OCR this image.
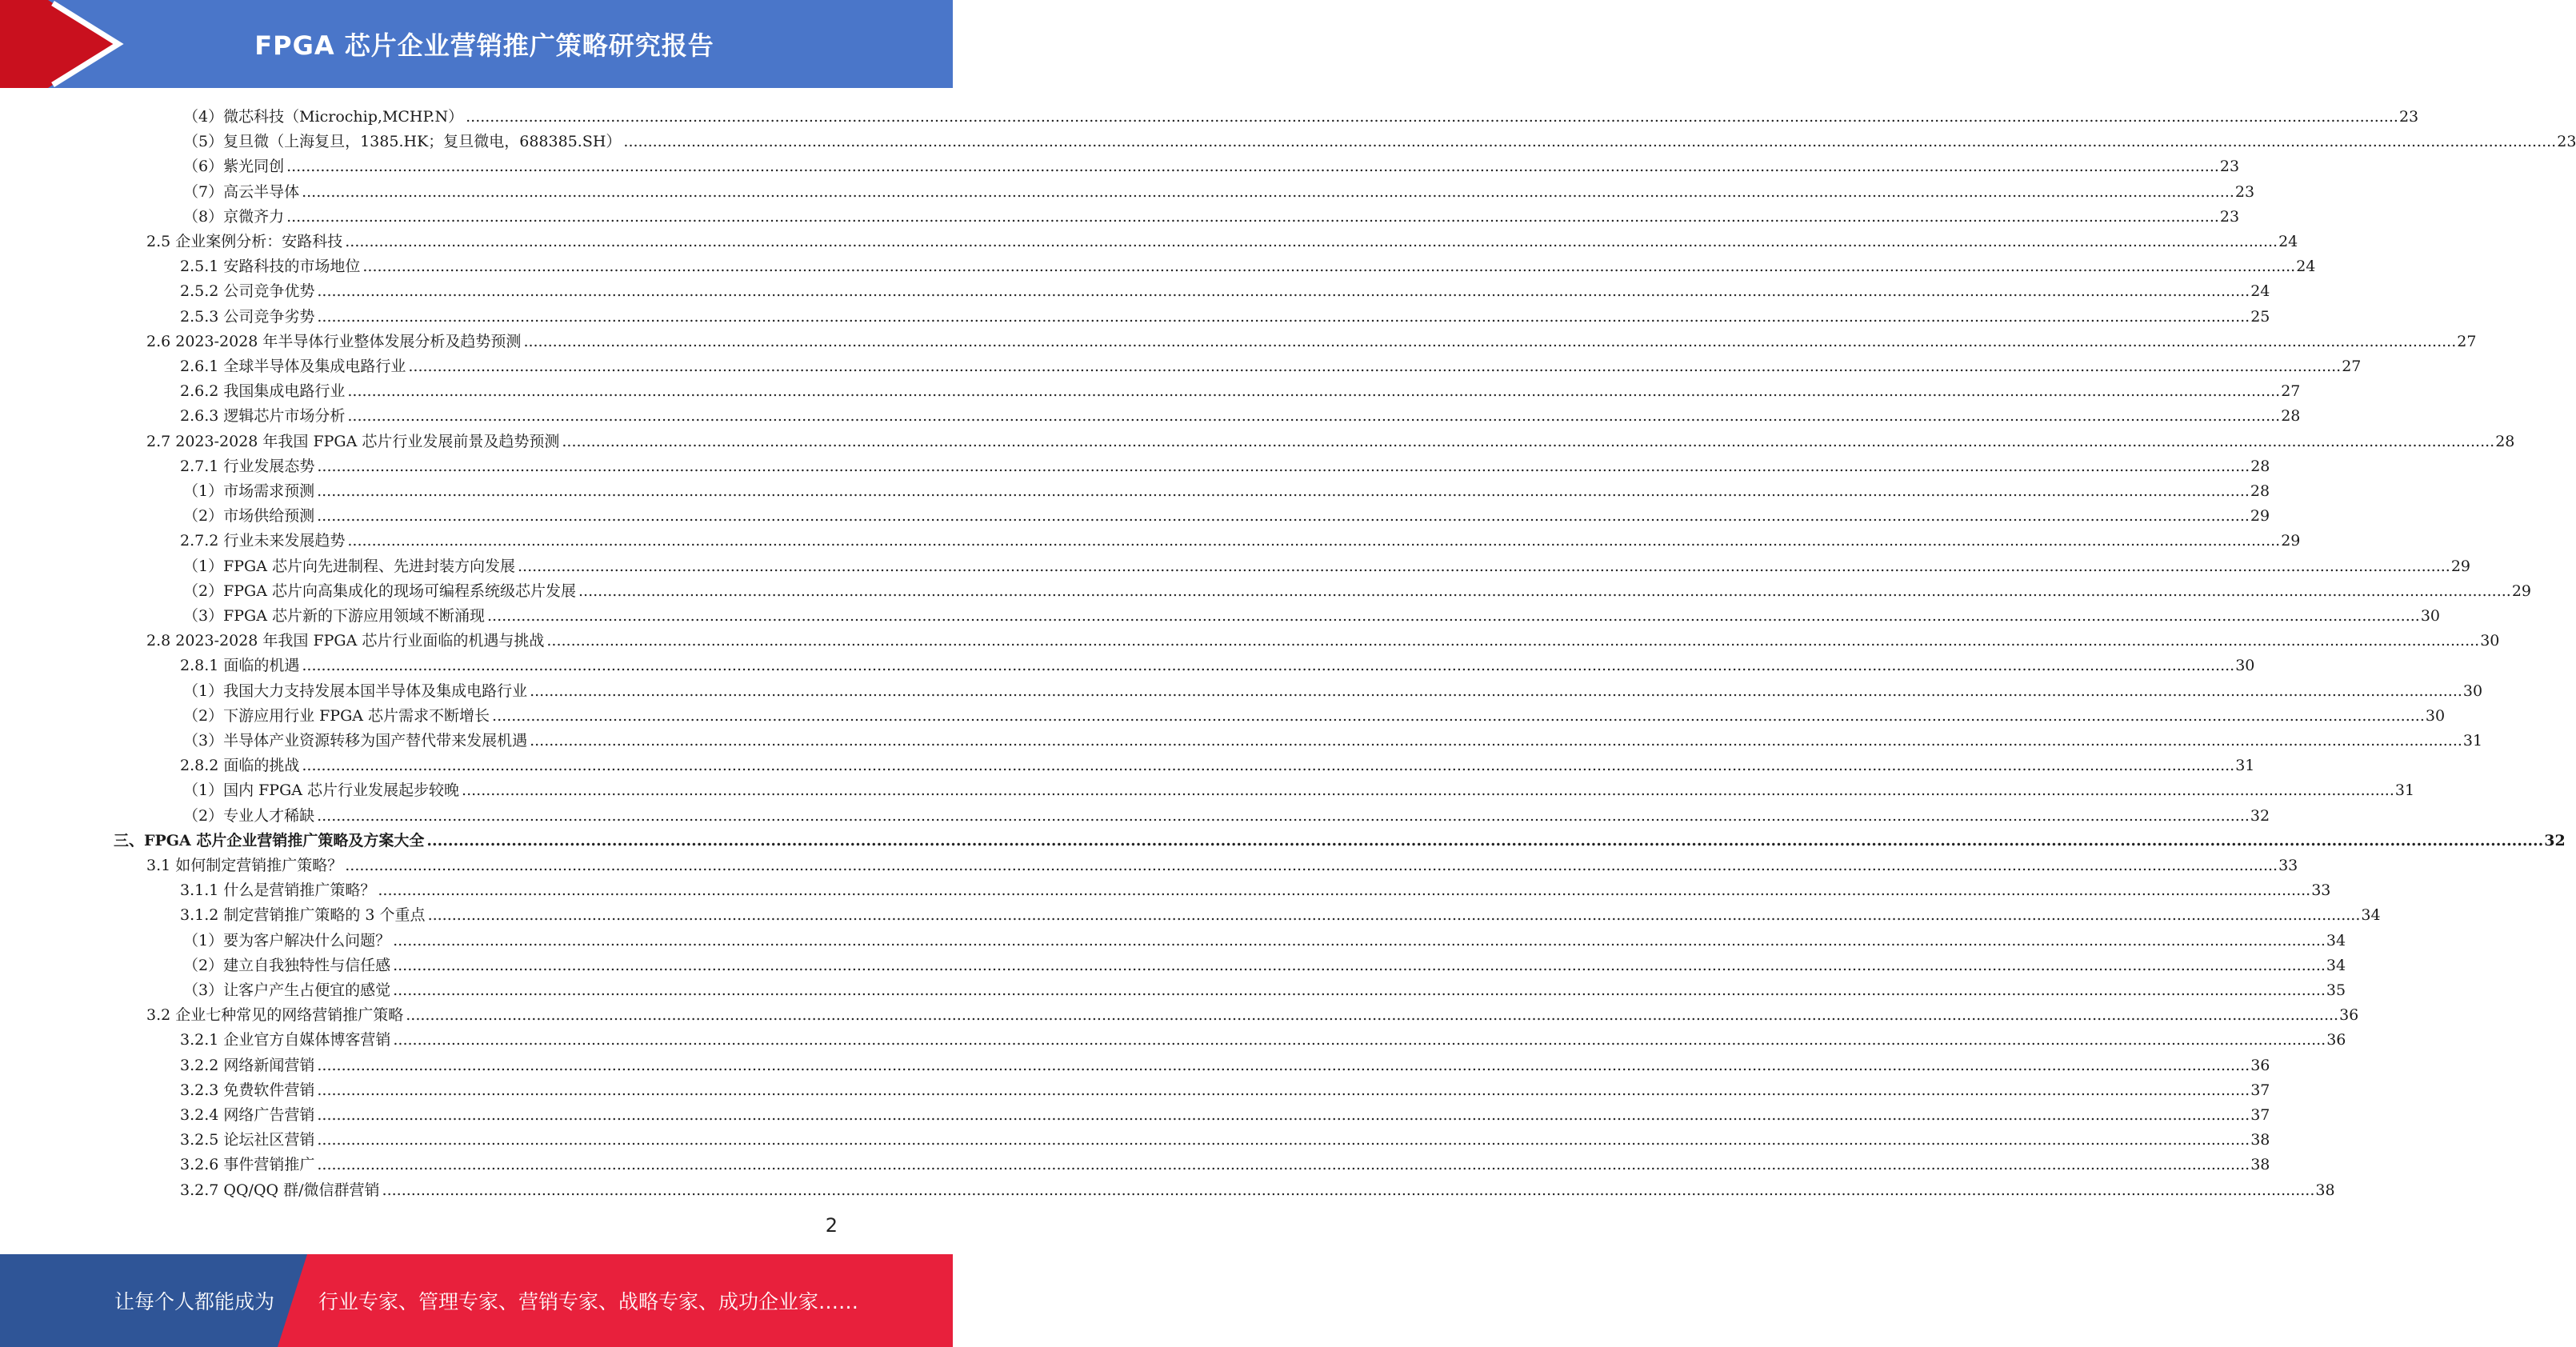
FPGA 芯片企业营销推广策略研究报告
（4）微芯科技（Microchip,MCHP.N） ................................................................................................................................................................................................................................................................................................................................................................................................................ 23
（5）复旦微（上海复旦，1385.HK；复旦微电，688385.SH） ................................................................................................................................................................................................................................................................................................................................................................................................................ 23
（6）紫光同创 ................................................................................................................................................................................................................................................................................................................................................................................................................ 23
（7）高云半导体 ................................................................................................................................................................................................................................................................................................................................................................................................................ 23
（8）京微齐力 ................................................................................................................................................................................................................................................................................................................................................................................................................ 23
2.5 企业案例分析：安路科技 ................................................................................................................................................................................................................................................................................................................................................................................................................ 24
2.5.1 安路科技的市场地位 ................................................................................................................................................................................................................................................................................................................................................................................................................ 24
2.5.2 公司竞争优势 ................................................................................................................................................................................................................................................................................................................................................................................................................ 24
2.5.3 公司竞争劣势 ................................................................................................................................................................................................................................................................................................................................................................................................................ 25
2.6 2023-2028 年半导体行业整体发展分析及趋势预测 ................................................................................................................................................................................................................................................................................................................................................................................................................ 27
2.6.1 全球半导体及集成电路行业 ................................................................................................................................................................................................................................................................................................................................................................................................................ 27
2.6.2 我国集成电路行业 ................................................................................................................................................................................................................................................................................................................................................................................................................ 27
2.6.3 逻辑芯片市场分析 ................................................................................................................................................................................................................................................................................................................................................................................................................ 28
2.7 2023-2028 年我国 FPGA 芯片行业发展前景及趋势预测 ................................................................................................................................................................................................................................................................................................................................................................................................................ 28
2.7.1 行业发展态势 ................................................................................................................................................................................................................................................................................................................................................................................................................ 28
（1）市场需求预测 ................................................................................................................................................................................................................................................................................................................................................................................................................ 28
（2）市场供给预测 ................................................................................................................................................................................................................................................................................................................................................................................................................ 29
2.7.2 行业未来发展趋势 ................................................................................................................................................................................................................................................................................................................................................................................................................ 29
（1）FPGA 芯片向先进制程、先进封装方向发展 ................................................................................................................................................................................................................................................................................................................................................................................................................ 29
（2）FPGA 芯片向高集成化的现场可编程系统级芯片发展 ................................................................................................................................................................................................................................................................................................................................................................................................................ 29
（3）FPGA 芯片新的下游应用领域不断涌现 ................................................................................................................................................................................................................................................................................................................................................................................................................ 30
2.8 2023-2028 年我国 FPGA 芯片行业面临的机遇与挑战 ................................................................................................................................................................................................................................................................................................................................................................................................................ 30
2.8.1 面临的机遇 ................................................................................................................................................................................................................................................................................................................................................................................................................ 30
（1）我国大力支持发展本国半导体及集成电路行业 ................................................................................................................................................................................................................................................................................................................................................................................................................ 30
（2）下游应用行业 FPGA 芯片需求不断增长 ................................................................................................................................................................................................................................................................................................................................................................................................................ 30
（3）半导体产业资源转移为国产替代带来发展机遇 ................................................................................................................................................................................................................................................................................................................................................................................................................ 31
2.8.2 面临的挑战 ................................................................................................................................................................................................................................................................................................................................................................................................................ 31
（1）国内 FPGA 芯片行业发展起步较晚 ................................................................................................................................................................................................................................................................................................................................................................................................................ 31
（2）专业人才稀缺 ................................................................................................................................................................................................................................................................................................................................................................................................................ 32
三、FPGA 芯片企业营销推广策略及方案大全 ................................................................................................................................................................................................................................................................................................................................................................................................................ 32
3.1 如何制定营销推广策略？ ................................................................................................................................................................................................................................................................................................................................................................................................................ 33
3.1.1 什么是营销推广策略？ ................................................................................................................................................................................................................................................................................................................................................................................................................ 33
3.1.2 制定营销推广策略的 3 个重点 ................................................................................................................................................................................................................................................................................................................................................................................................................ 34
（1）要为客户解决什么问题？ ................................................................................................................................................................................................................................................................................................................................................................................................................ 34
（2）建立自我独特性与信任感 ................................................................................................................................................................................................................................................................................................................................................................................................................ 34
（3）让客户产生占便宜的感觉 ................................................................................................................................................................................................................................................................................................................................................................................................................ 35
3.2 企业七种常见的网络营销推广策略 ................................................................................................................................................................................................................................................................................................................................................................................................................ 36
3.2.1 企业官方自媒体博客营销 ................................................................................................................................................................................................................................................................................................................................................................................................................ 36
3.2.2 网络新闻营销 ................................................................................................................................................................................................................................................................................................................................................................................................................ 36
3.2.3 免费软件营销 ................................................................................................................................................................................................................................................................................................................................................................................................................ 37
3.2.4 网络广告营销 ................................................................................................................................................................................................................................................................................................................................................................................................................ 37
3.2.5 论坛社区营销 ................................................................................................................................................................................................................................................................................................................................................................................................................ 38
3.2.6 事件营销推广 ................................................................................................................................................................................................................................................................................................................................................................................................................ 38
3.2.7 QQ/QQ 群/微信群营销 ................................................................................................................................................................................................................................................................................................................................................................................................................ 38
2
让每个人都能成为 行业专家、管理专家、营销专家、战略专家、成功企业家……
